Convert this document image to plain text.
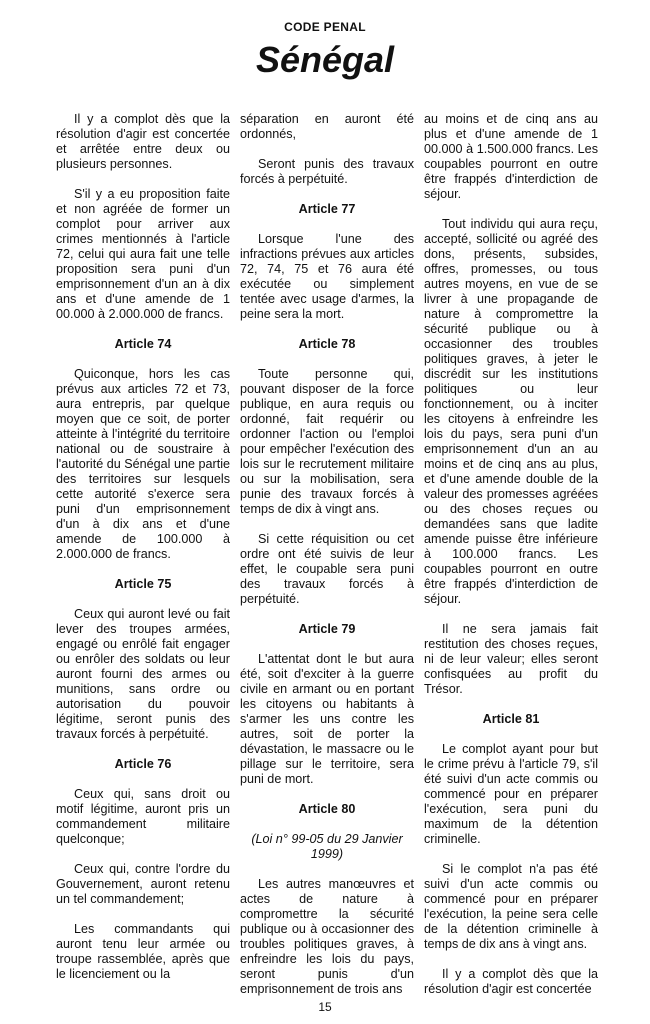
CODE PENAL
Sénégal

Il y a complot dès que la résolution d'agir est concertée et arrêtée entre deux ou plusieurs personnes.

S'il y a eu proposition faite et non agréée de former un complot pour arriver aux crimes mentionnés à l'article 72, celui qui aura fait une telle proposition sera puni d'un emprisonnement d'un an à dix ans et d'une amende de 1 00.000 à 2.000.000 de francs.

Article 74

Quiconque, hors les cas prévus aux articles 72 et 73, aura entrepris, par quelque moyen que ce soit, de porter atteinte à l'intégrité du territoire national ou de soustraire à l'autorité du Sénégal une partie des territoires sur lesquels cette autorité s'exerce sera puni d'un emprisonnement d'un à dix ans et d'une amende de 100.000 à 2.000.000 de francs.

Article 75

Ceux qui auront levé ou fait lever des troupes armées, engagé ou enrôlé fait engager ou enrôler des soldats ou leur auront fourni des armes ou munitions, sans ordre ou autorisation du pouvoir légitime, seront punis des travaux forcés à perpétuité.

Article 76

Ceux qui, sans droit ou motif légitime, auront pris un commandement militaire quelconque;

Ceux qui, contre l'ordre du Gouvernement, auront retenu un tel commandement;

Les commandants qui auront tenu leur armée ou troupe rassemblée, après que le licenciement ou la

séparation en auront été ordonnés,

Seront punis des travaux forcés à perpétuité.

Article 77

Lorsque l'une des infractions prévues aux articles 72, 74, 75 et 76 aura été exécutée ou simplement tentée avec usage d'armes, la peine sera la mort.

Article 78

Toute personne qui, pouvant disposer de la force publique, en aura requis ou ordonné, fait requérir ou ordonner l'action ou l'emploi pour empêcher l'exécution des lois sur le recrutement militaire ou sur la mobilisation, sera punie des travaux forcés à temps de dix à vingt ans.

Si cette réquisition ou cet ordre ont été suivis de leur effet, le coupable sera puni des travaux forcés à perpétuité.

Article 79

L'attentat dont le but aura été, soit d'exciter à la guerre civile en armant ou en portant les citoyens ou habitants à s'armer les uns contre les autres, soit de porter la dévastation, le massacre ou le pillage sur le territoire, sera puni de mort.

Article 80
(Loi n° 99-05 du 29 Janvier 1999)

Les autres manœuvres et actes de nature à compromettre la sécurité publique ou à occasionner des troubles politiques graves, à enfreindre les lois du pays, seront punis d'un emprisonnement de trois ans

au moins et de cinq ans au plus et d'une amende de 1 00.000 à 1.500.000 francs. Les coupables pourront en outre être frappés d'interdiction de séjour.

Tout individu qui aura reçu, accepté, sollicité ou agréé des dons, présents, subsides, offres, promesses, ou tous autres moyens, en vue de se livrer à une propagande de nature à compromettre la sécurité publique ou à occasionner des troubles politiques graves, à jeter le discrédit sur les institutions politiques ou leur fonctionnement, ou à inciter les citoyens à enfreindre les lois du pays, sera puni d'un emprisonnement d'un an au moins et de cinq ans au plus, et d'une amende double de la valeur des promesses agréées ou des choses reçues ou demandées sans que ladite amende puisse être inférieure à 100.000 francs. Les coupables pourront en outre être frappés d'interdiction de séjour.

Il ne sera jamais fait restitution des choses reçues, ni de leur valeur; elles seront confisquées au profit du Trésor.

Article 81

Le complot ayant pour but le crime prévu à l'article 79, s'il été suivi d'un acte commis ou commencé pour en préparer l'exécution, sera puni du maximum de la détention criminelle.

Si le complot n'a pas été suivi d'un acte commis ou commencé pour en préparer l'exécution, la peine sera celle de la détention criminelle à temps de dix ans à vingt ans.

Il y a complot dès que la résolution d'agir est concertée

15
